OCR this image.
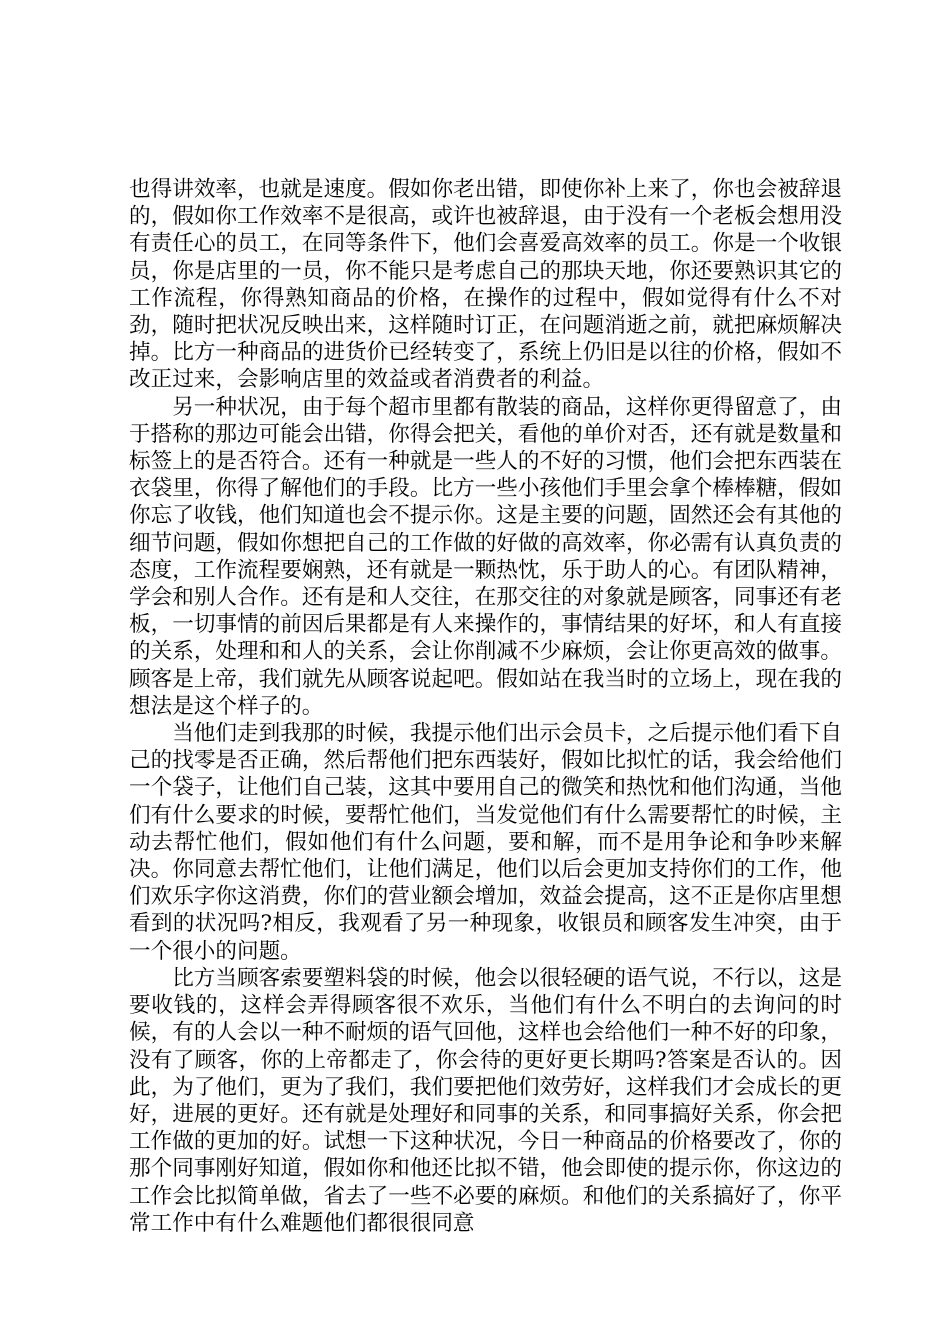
也得讲效率，也就是速度。假如你老出错，即使你补上来了，你也会被辞退的，假如你工作效率不是很高，或许也被辞退，由于没有一个老板会想用没有责任心的员工，在同等条件下，他们会喜爱高效率的员工。你是一个收银员，你是店里的一员，你不能只是考虑自己的那块天地，你还要熟识其它的工作流程，你得熟知商品的价格，在操作的过程中，假如觉得有什么不对劲，随时把状况反映出来，这样随时订正，在问题消逝之前，就把麻烦解决掉。比方一种商品的进货价已经转变了，系统上仍旧是以往的价格，假如不改正过来，会影响店里的效益或者消费者的利益。

另一种状况，由于每个超市里都有散装的商品，这样你更得留意了，由于搭称的那边可能会出错，你得会把关，看他的单价对否，还有就是数量和标签上的是否符合。还有一种就是一些人的不好的习惯，他们会把东西装在衣袋里，你得了解他们的手段。比方一些小孩他们手里会拿个棒棒糖，假如你忘了收钱，他们知道也会不提示你。这是主要的问题，固然还会有其他的细节问题，假如你想把自己的工作做的好做的高效率，你必需有认真负责的态度，工作流程要娴熟，还有就是一颗热忱，乐于助人的心。有团队精神，学会和别人合作。还有是和人交往，在那交往的对象就是顾客，同事还有老板，一切事情的前因后果都是有人来操作的，事情结果的好坏，和人有直接的关系，处理和和人的关系，会让你削减不少麻烦，会让你更高效的做事。顾客是上帝，我们就先从顾客说起吧。假如站在我当时的立场上，现在我的想法是这个样子的。

当他们走到我那的时候，我提示他们出示会员卡，之后提示他们看下自己的找零是否正确，然后帮他们把东西装好，假如比拟忙的话，我会给他们一个袋子，让他们自己装，这其中要用自己的微笑和热忱和他们沟通，当他们有什么要求的时候，要帮忙他们，当发觉他们有什么需要帮忙的时候，主动去帮忙他们，假如他们有什么问题，要和解，而不是用争论和争吵来解决。你同意去帮忙他们，让他们满足，他们以后会更加支持你们的工作，他们欢乐字你这消费，你们的营业额会增加，效益会提高，这不正是你店里想看到的状况吗?相反，我观看了另一种现象，收银员和顾客发生冲突，由于一个很小的问题。

比方当顾客索要塑料袋的时候，他会以很轻硬的语气说，不行以，这是要收钱的，这样会弄得顾客很不欢乐，当他们有什么不明白的去询问的时候，有的人会以一种不耐烦的语气回他，这样也会给他们一种不好的印象，没有了顾客，你的上帝都走了，你会待的更好更长期吗?答案是否认的。因此，为了他们，更为了我们，我们要把他们效劳好，这样我们才会成长的更好，进展的更好。还有就是处理好和同事的关系，和同事搞好关系，你会把工作做的更加的好。试想一下这种状况，今日一种商品的价格要改了，你的那个同事刚好知道，假如你和他还比拟不错，他会即使的提示你，你这边的工作会比拟简单做，省去了一些不必要的麻烦。和他们的关系搞好了，你平常工作中有什么难题他们都很很同意
